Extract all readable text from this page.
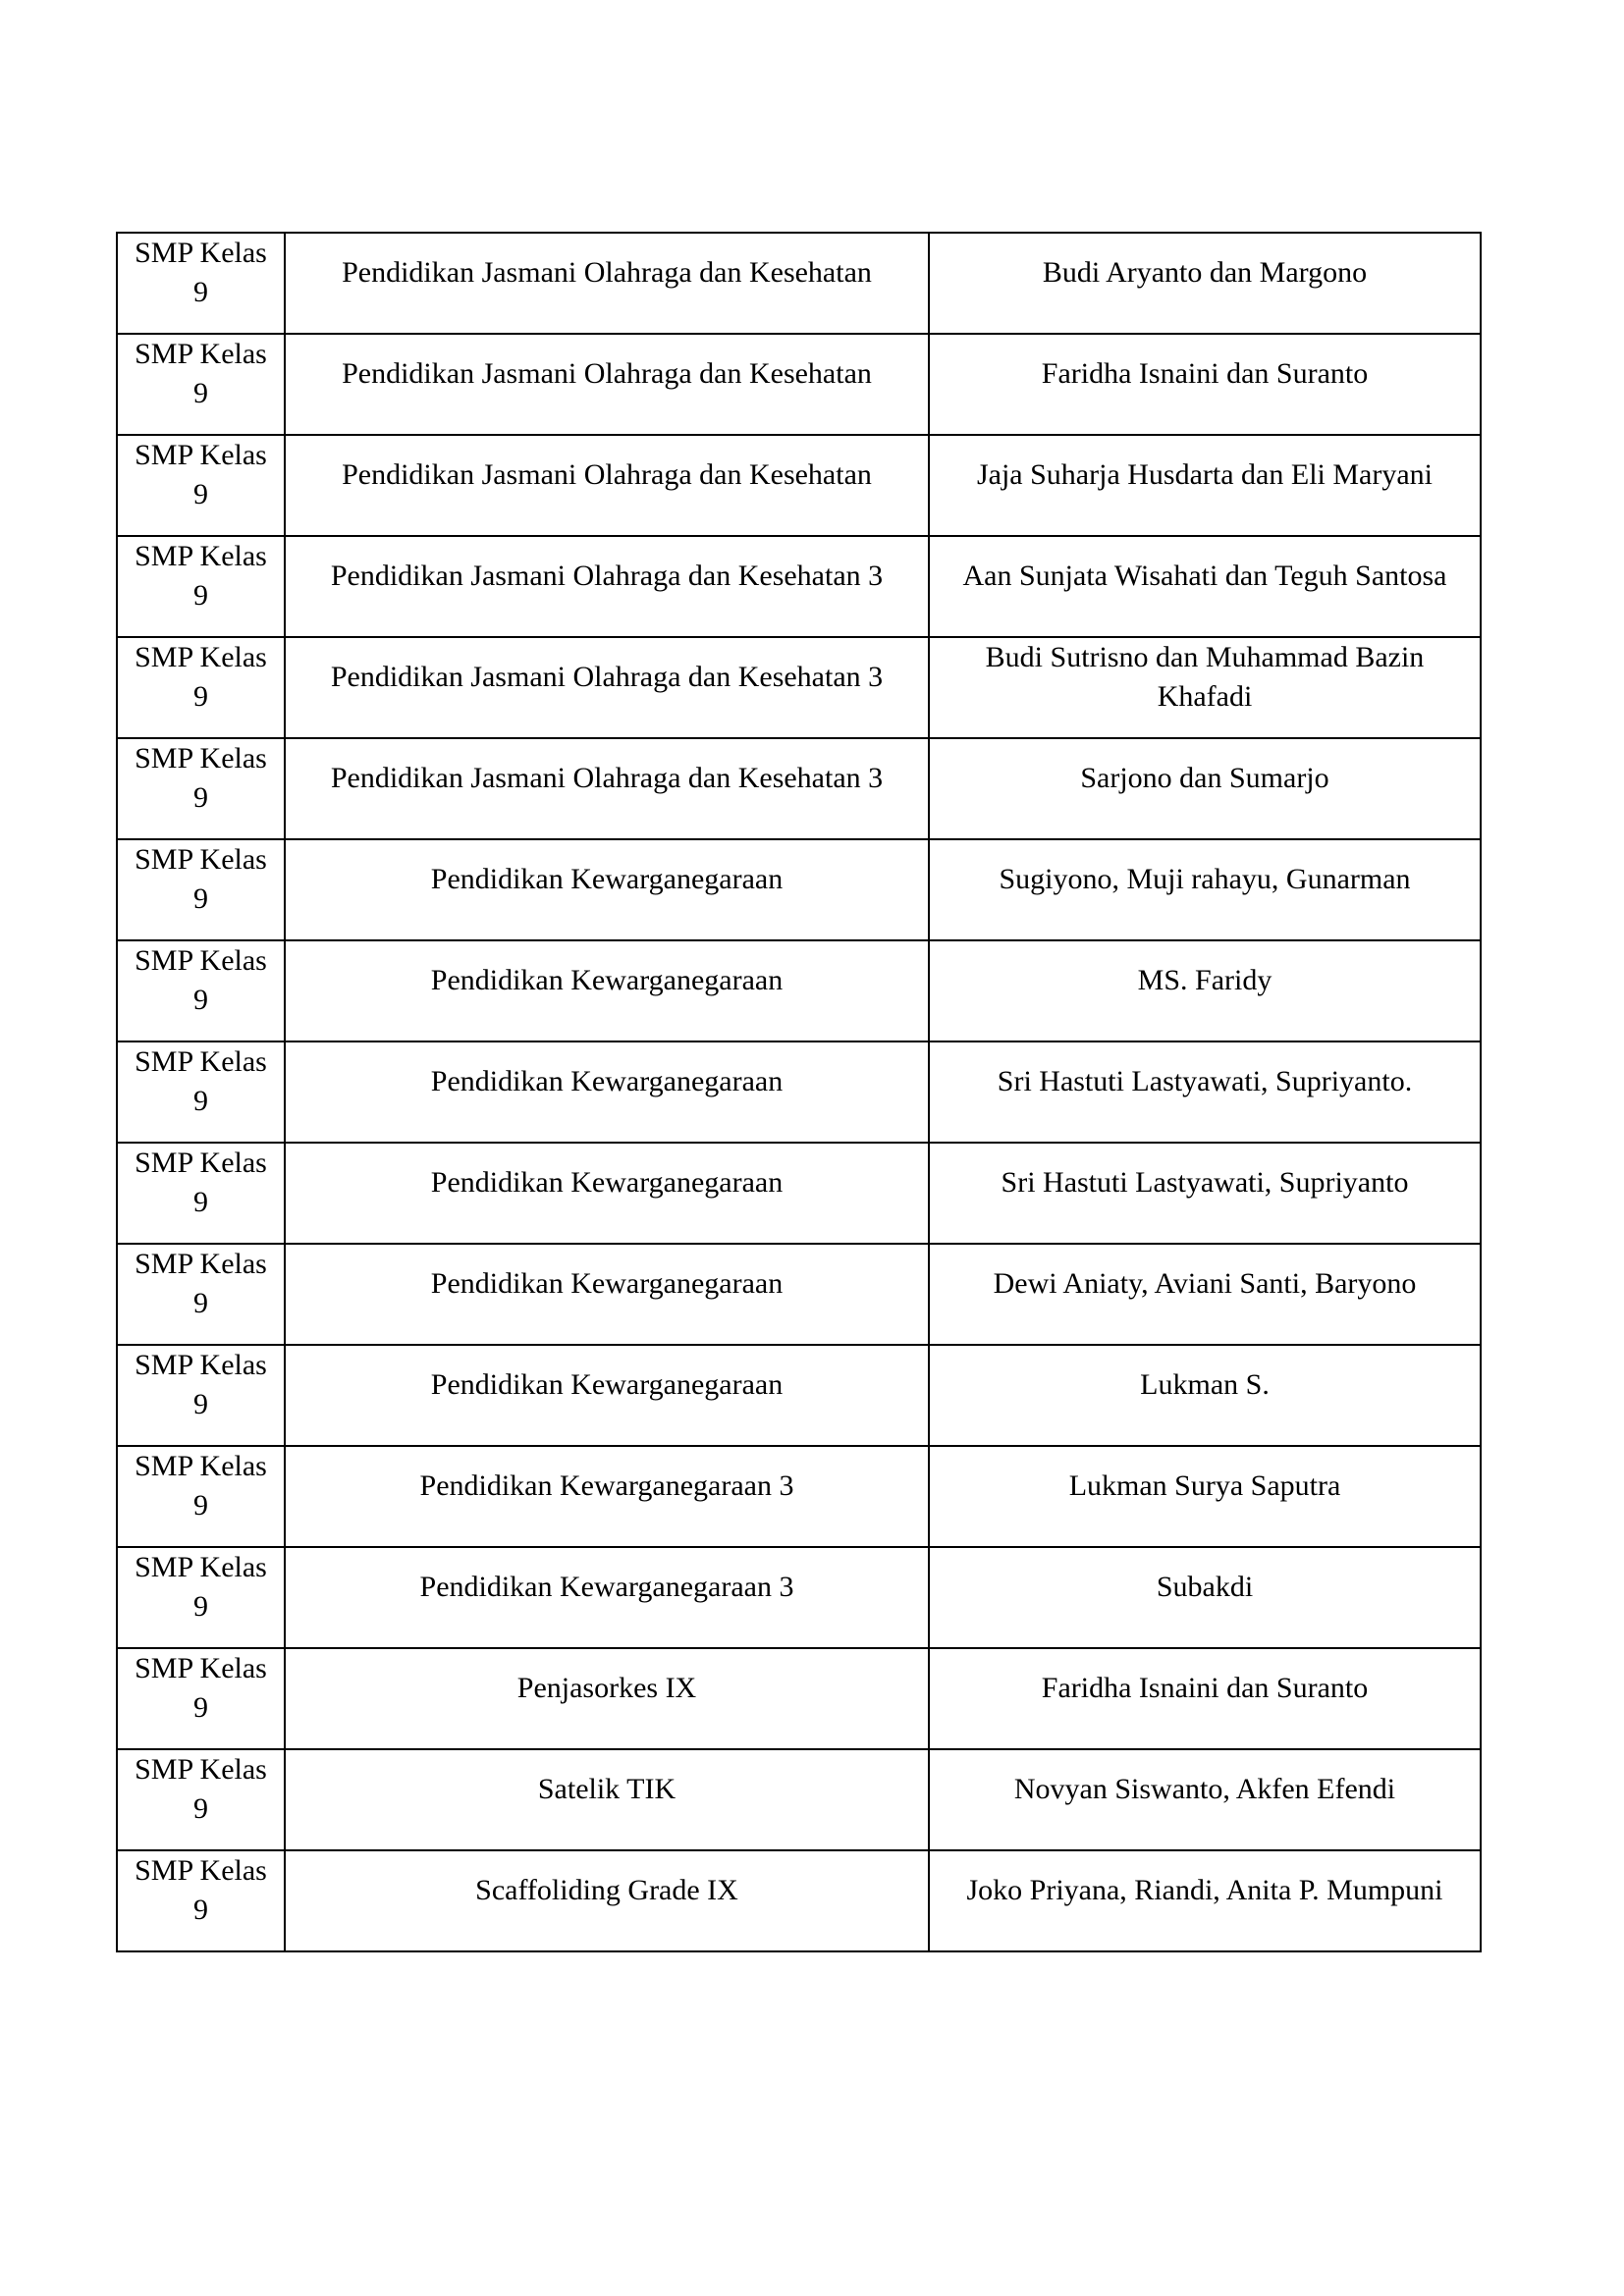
SMP Kelas 9	Pendidikan Jasmani Olahraga dan Kesehatan	Budi Aryanto dan Margono

SMP Kelas 9	Pendidikan Jasmani Olahraga dan Kesehatan	Faridha Isnaini dan Suranto

SMP Kelas 9	Pendidikan Jasmani Olahraga dan Kesehatan	Jaja Suharja Husdarta dan Eli Maryani

SMP Kelas 9	Pendidikan Jasmani Olahraga dan Kesehatan 3	Aan Sunjata Wisahati dan Teguh Santosa

SMP Kelas 9	Pendidikan Jasmani Olahraga dan Kesehatan 3	Budi Sutrisno dan Muhammad Bazin Khafadi

SMP Kelas 9	Pendidikan Jasmani Olahraga dan Kesehatan 3	Sarjono dan Sumarjo

SMP Kelas 9	Pendidikan Kewarganegaraan	Sugiyono, Muji rahayu, Gunarman

SMP Kelas 9	Pendidikan Kewarganegaraan	MS. Faridy

SMP Kelas 9	Pendidikan Kewarganegaraan	Sri Hastuti Lastyawati, Supriyanto.

SMP Kelas 9	Pendidikan Kewarganegaraan	Sri Hastuti Lastyawati, Supriyanto

SMP Kelas 9	Pendidikan Kewarganegaraan	Dewi Aniaty, Aviani Santi, Baryono

SMP Kelas 9	Pendidikan Kewarganegaraan	Lukman S.

SMP Kelas 9	Pendidikan Kewarganegaraan 3	Lukman Surya Saputra

SMP Kelas 9	Pendidikan Kewarganegaraan 3	Subakdi

SMP Kelas 9	Penjasorkes IX	Faridha Isnaini dan Suranto

SMP Kelas 9	Satelik TIK	Novyan Siswanto, Akfen Efendi

SMP Kelas 9	Scaffoliding Grade IX	Joko Priyana, Riandi, Anita P. Mumpuni
